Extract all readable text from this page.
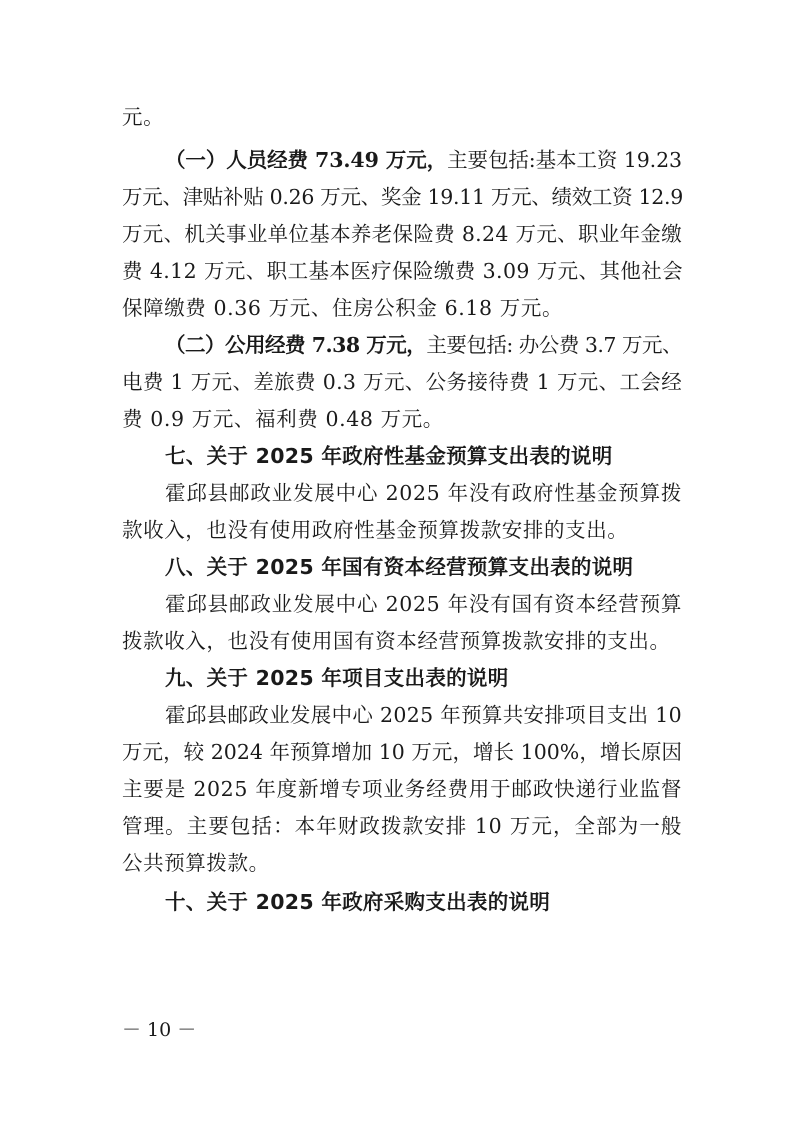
元。
（一）人员经费 73.49 万元，主要包括:基本工资 19.23
万元、津贴补贴 0.26 万元、奖金 19.11 万元、绩效工资 12.9
万元、机关事业单位基本养老保险费 8.24 万元、职业年金缴
费 4.12 万元、职工基本医疗保险缴费 3.09 万元、其他社会
保障缴费 0.36 万元、住房公积金 6.18 万元。
（二）公用经费 7.38 万元，主要包括: 办公费 3.7 万元、
电费 1 万元、差旅费 0.3 万元、公务接待费 1 万元、工会经
费 0.9 万元、福利费 0.48 万元。
七、关于 2025 年政府性基金预算支出表的说明
霍邱县邮政业发展中心 2025 年没有政府性基金预算拨
款收入，也没有使用政府性基金预算拨款安排的支出。
八、关于 2025 年国有资本经营预算支出表的说明
霍邱县邮政业发展中心 2025 年没有国有资本经营预算
拨款收入，也没有使用国有资本经营预算拨款安排的支出。
九、关于 2025 年项目支出表的说明
霍邱县邮政业发展中心 2025 年预算共安排项目支出 10
万元，较 2024 年预算增加 10 万元，增长 100%，增长原因
主要是 2025 年度新增专项业务经费用于邮政快递行业监督
管理。主要包括：本年财政拨款安排 10 万元，全部为一般
公共预算拨款。
十、关于 2025 年政府采购支出表的说明
－ 10 －
